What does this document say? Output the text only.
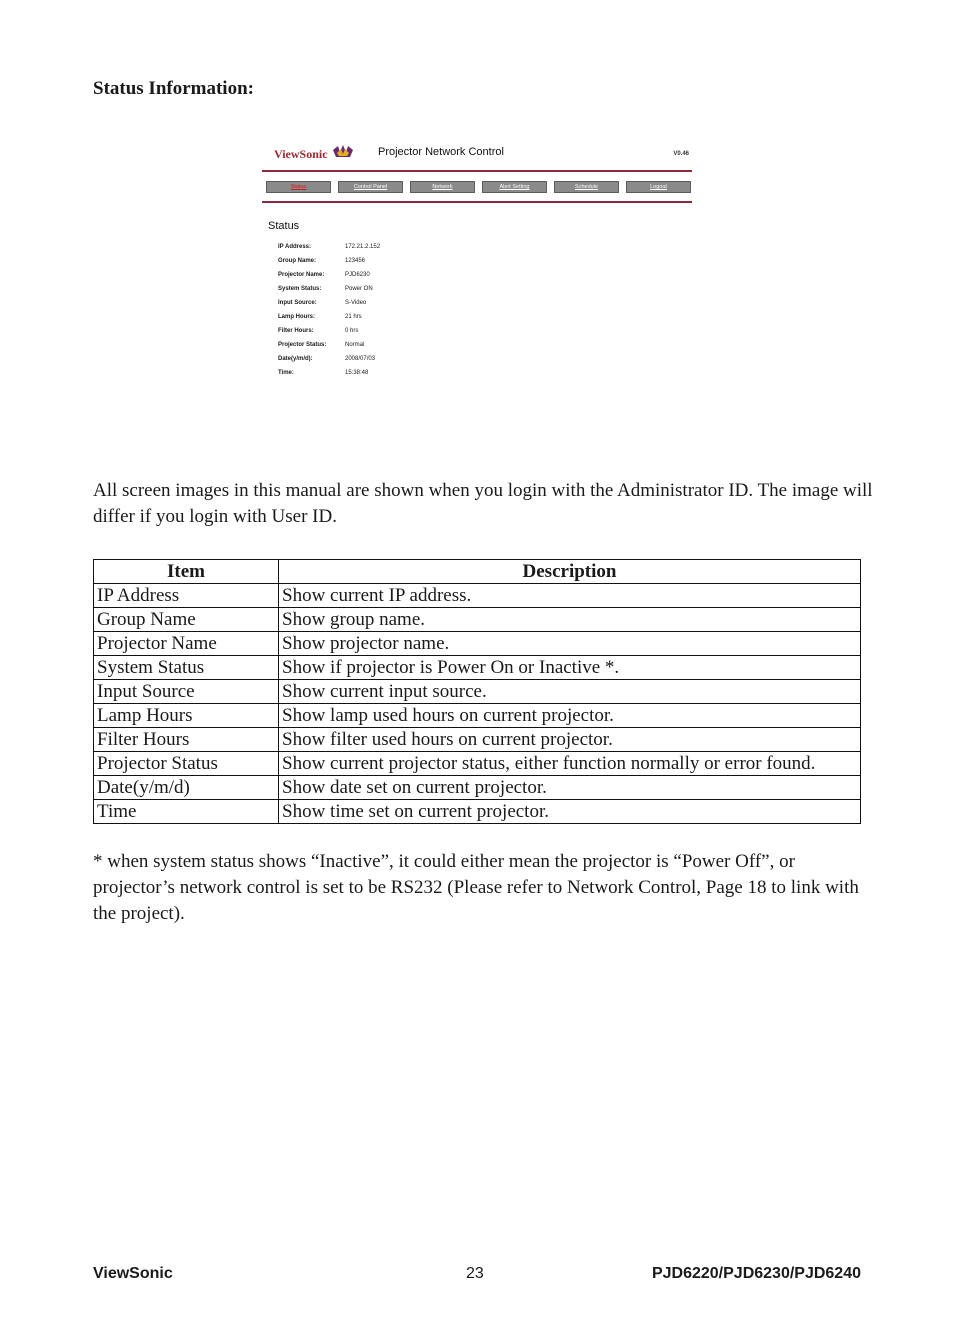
Status Information:
ViewSonic	Projector Network Control	V0.46
Status	Control Panel	Network	Alert Setting	Schedule	Logout
Status
IP Address:	172.21.2.152
Group Name:	123456
Projector Name:	PJD6230
System Status:	Power ON
Input Source:	S-Video
Lamp Hours:	21 hrs
Filter Hours:	0 hrs
Projector Status:	Normal
Date(y/m/d):	2008/07/03
Time:	15:38:48
All screen images in this manual are shown when you login with the Administrator ID. The image will differ if you login with User ID.
Item	Description
IP Address	Show current IP address.
Group Name	Show group name.
Projector Name	Show projector name.
System Status	Show if projector is Power On or Inactive *.
Input Source	Show current input source.
Lamp Hours	Show lamp used hours on current projector.
Filter Hours	Show filter used hours on current projector.
Projector Status	Show current projector status, either function normally or error found.
Date(y/m/d)	Show date set on current projector.
Time	Show time set on current projector.
* when system status shows “Inactive”, it could either mean the projector is “Power Off”, or projector’s network control is set to be RS232 (Please refer to Network Control, Page 18 to link with the project).
ViewSonic	23	PJD6220/PJD6230/PJD6240
